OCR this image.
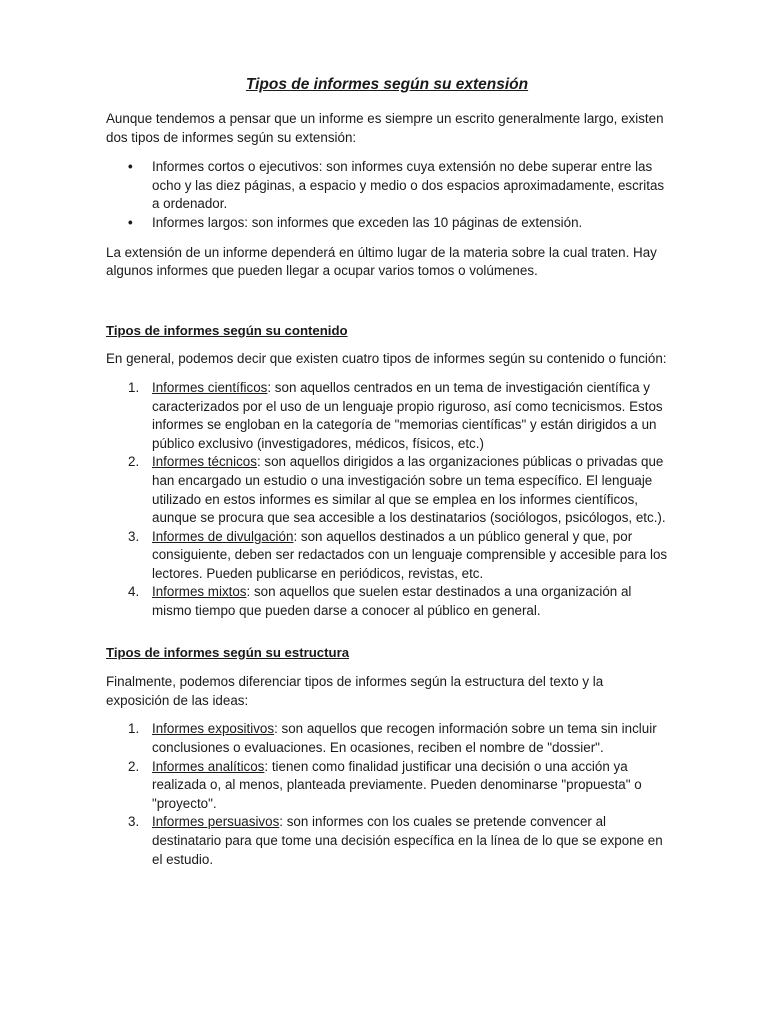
Tipos de informes según su extensión

Aunque tendemos a pensar que un informe es siempre un escrito generalmente largo, existen dos tipos de informes según su extensión:

• Informes cortos o ejecutivos: son informes cuya extensión no debe superar entre las ocho y las diez páginas, a espacio y medio o dos espacios aproximadamente, escritas a ordenador.
• Informes largos: son informes que exceden las 10 páginas de extensión.

La extensión de un informe dependerá en último lugar de la materia sobre la cual traten. Hay algunos informes que pueden llegar a ocupar varios tomos o volúmenes.

Tipos de informes según su contenido

En general, podemos decir que existen cuatro tipos de informes según su contenido o función:

1. Informes científicos: son aquellos centrados en un tema de investigación científica y caracterizados por el uso de un lenguaje propio riguroso, así como tecnicismos. Estos informes se engloban en la categoría de "memorias científicas" y están dirigidos a un público exclusivo (investigadores, médicos, físicos, etc.)
2. Informes técnicos: son aquellos dirigidos a las organizaciones públicas o privadas que han encargado un estudio o una investigación sobre un tema específico. El lenguaje utilizado en estos informes es similar al que se emplea en los informes científicos, aunque se procura que sea accesible a los destinatarios (sociólogos, psicólogos, etc.).
3. Informes de divulgación: son aquellos destinados a un público general y que, por consiguiente, deben ser redactados con un lenguaje comprensible y accesible para los lectores. Pueden publicarse en periódicos, revistas, etc.
4. Informes mixtos: son aquellos que suelen estar destinados a una organización al mismo tiempo que pueden darse a conocer al público en general.

Tipos de informes según su estructura

Finalmente, podemos diferenciar tipos de informes según la estructura del texto y la exposición de las ideas:

1. Informes expositivos: son aquellos que recogen información sobre un tema sin incluir conclusiones o evaluaciones. En ocasiones, reciben el nombre de "dossier".
2. Informes analíticos: tienen como finalidad justificar una decisión o una acción ya realizada o, al menos, planteada previamente. Pueden denominarse "propuesta" o "proyecto".
3. Informes persuasivos: son informes con los cuales se pretende convencer al destinatario para que tome una decisión específica en la línea de lo que se expone en el estudio.
